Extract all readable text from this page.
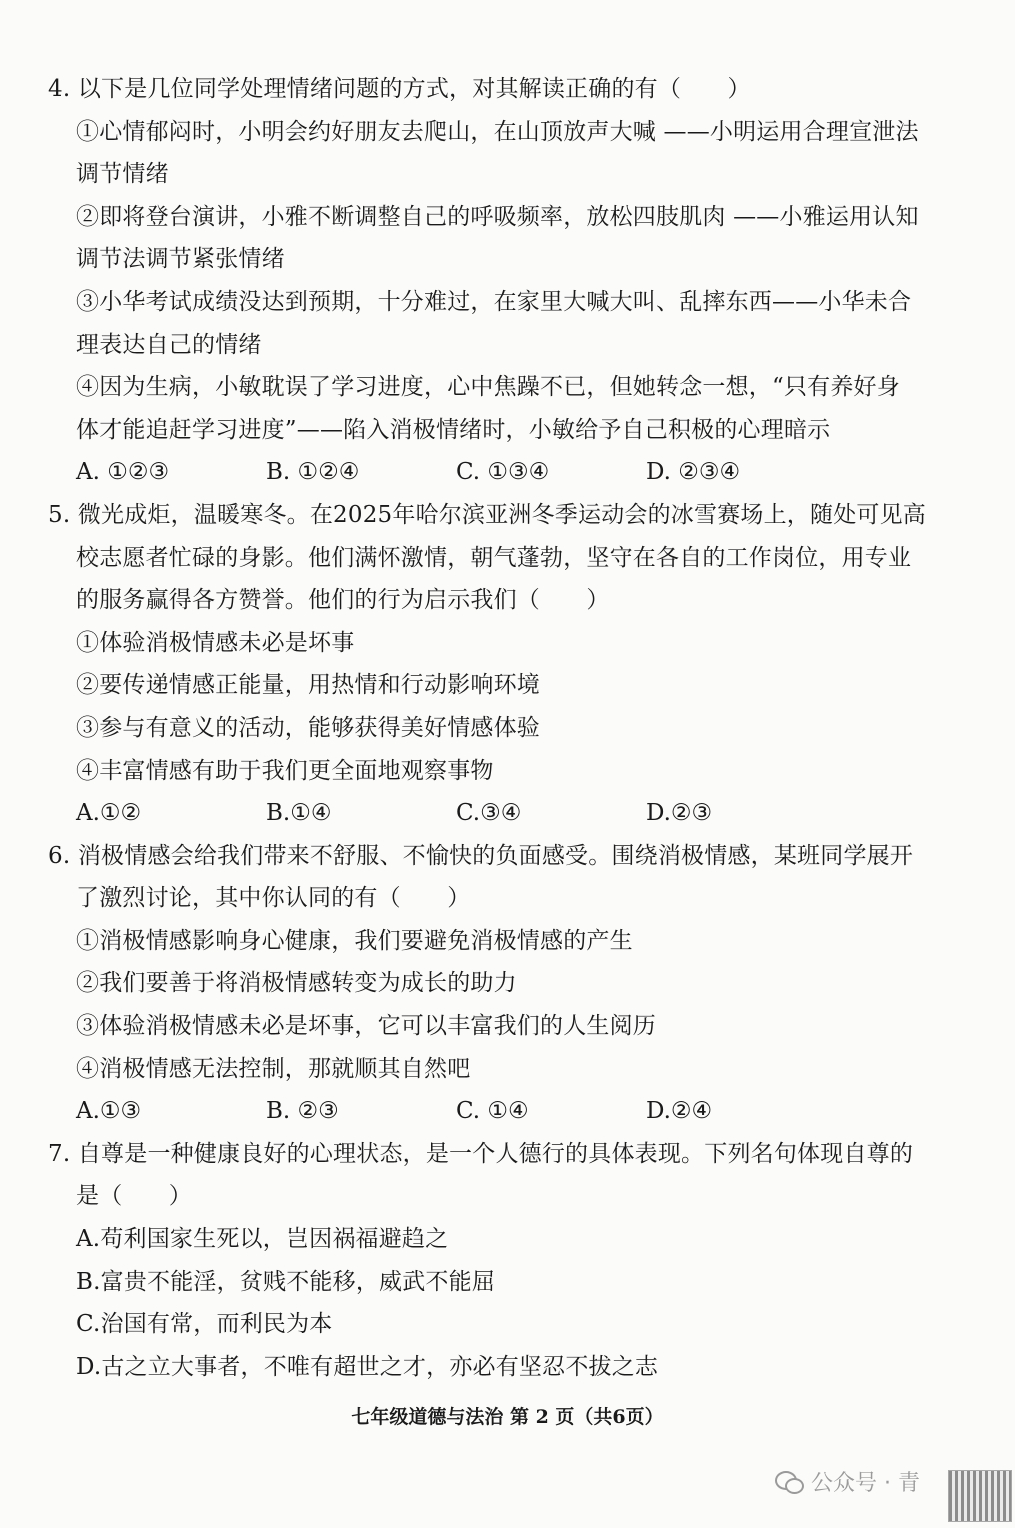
4. 以下是几位同学处理情绪问题的方式，对其解读正确的有（　　）
①心情郁闷时，小明会约好朋友去爬山，在山顶放声大喊 ——小明运用合理宣泄法
调节情绪
②即将登台演讲，小雅不断调整自己的呼吸频率，放松四肢肌肉 ——小雅运用认知
调节法调节紧张情绪
③小华考试成绩没达到预期，十分难过，在家里大喊大叫、乱摔东西——小华未合
理表达自己的情绪
④因为生病，小敏耽误了学习进度，心中焦躁不已，但她转念一想，“只有养好身
体才能追赶学习进度”——陷入消极情绪时，小敏给予自己积极的心理暗示
A. ①②③	B. ①②④	C. ①③④	D. ②③④
5. 微光成炬，温暖寒冬。在2025年哈尔滨亚洲冬季运动会的冰雪赛场上，随处可见高
校志愿者忙碌的身影。他们满怀激情，朝气蓬勃，坚守在各自的工作岗位，用专业
的服务赢得各方赞誉。他们的行为启示我们（　　）
①体验消极情感未必是坏事
②要传递情感正能量，用热情和行动影响环境
③参与有意义的活动，能够获得美好情感体验
④丰富情感有助于我们更全面地观察事物
A.①②	B.①④	C.③④	D.②③
6. 消极情感会给我们带来不舒服、不愉快的负面感受。围绕消极情感，某班同学展开
了激烈讨论，其中你认同的有（　　）
①消极情感影响身心健康，我们要避免消极情感的产生
②我们要善于将消极情感转变为成长的助力
③体验消极情感未必是坏事，它可以丰富我们的人生阅历
④消极情感无法控制，那就顺其自然吧
A.①③	B. ②③	C. ①④	D.②④
7. 自尊是一种健康良好的心理状态，是一个人德行的具体表现。下列名句体现自尊的
是（　　）
A.苟利国家生死以，岂因祸福避趋之
B.富贵不能淫，贫贱不能移，威武不能屈
C.治国有常，而利民为本
D.古之立大事者，不唯有超世之才，亦必有坚忍不拔之志
七年级道德与法治 第 2 页（共6页）
公众号 · 青
